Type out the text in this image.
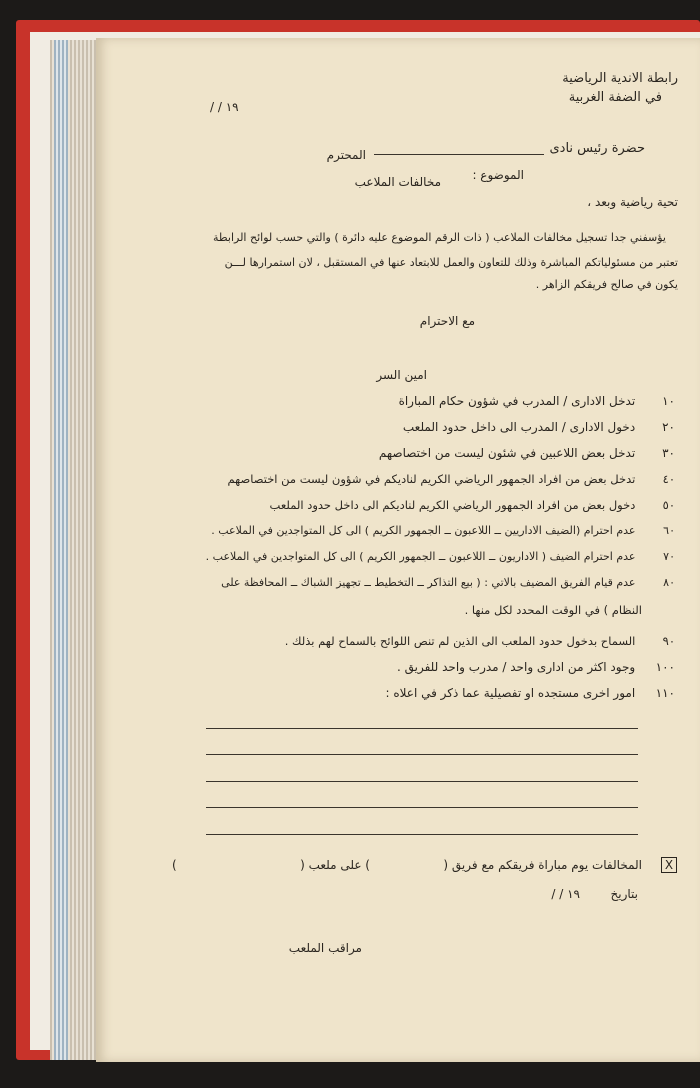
رابطة الاندية الرياضية
في الضفة الغربية
/ / ١٩
حضرة رئيس نادى
المحترم
الموضوع :
مخالفات الملاعب
تحية رياضية وبعد ،
يؤسفني جدا تسجيل مخالفات الملاعب ( ذات الرقم الموضوع عليه دائرة ) والتي حسب لوائح الرابطة
تعتبر من مسئولياتكم المباشرة وذلك للتعاون والعمل للابتعاد عنها في المستقبل ، لان استمرارها لـــن
يكون في صالح فريقكم الزاهر .
مع الاحترام
امين السر
١٠ تدخل الادارى / المدرب في شؤون حكام المباراة
٢٠ دخول الادارى / المدرب الى داخل حدود الملعب
٣٠ تدخل بعض اللاعبين في شئون ليست من اختصاصهم
٤٠ تدخل بعض من افراد الجمهور الرياضي الكريم لناديكم في شؤون ليست من اختصاصهم
٥٠ دخول بعض من افراد الجمهور الرياضي الكريم لناديكم الى داخل حدود الملعب
٦٠ عدم احترام (الضيف الاداريين ــ اللاعبون ــ الجمهور الكريم ) الى كل المتواجدين في الملاعب .
٧٠ عدم احترام الضيف ( الاداريون ــ اللاعبون ــ الجمهور الكريم ) الى كل المتواجدين في الملاعب .
٨٠ عدم قيام الفريق المضيف بالاتي : ( بيع التذاكر ــ التخطيط ــ تجهيز الشباك ــ المحافظة على
النظام ) في الوقت المحدد لكل منها .
٩٠ السماح بدخول حدود الملعب الى الذين لم تنص اللوائح بالسماح لهم بذلك .
١٠٠ وجود اكثر من ادارى واحد / مدرب واحد للفريق .
١١٠ امور اخرى مستجده او تفصيلية عما ذكر في اعلاه :
المخالفات يوم مباراة فريقكم مع فريق (
) على ملعب (
)
بتاريخ
/ / ١٩
مراقب الملعب
X
